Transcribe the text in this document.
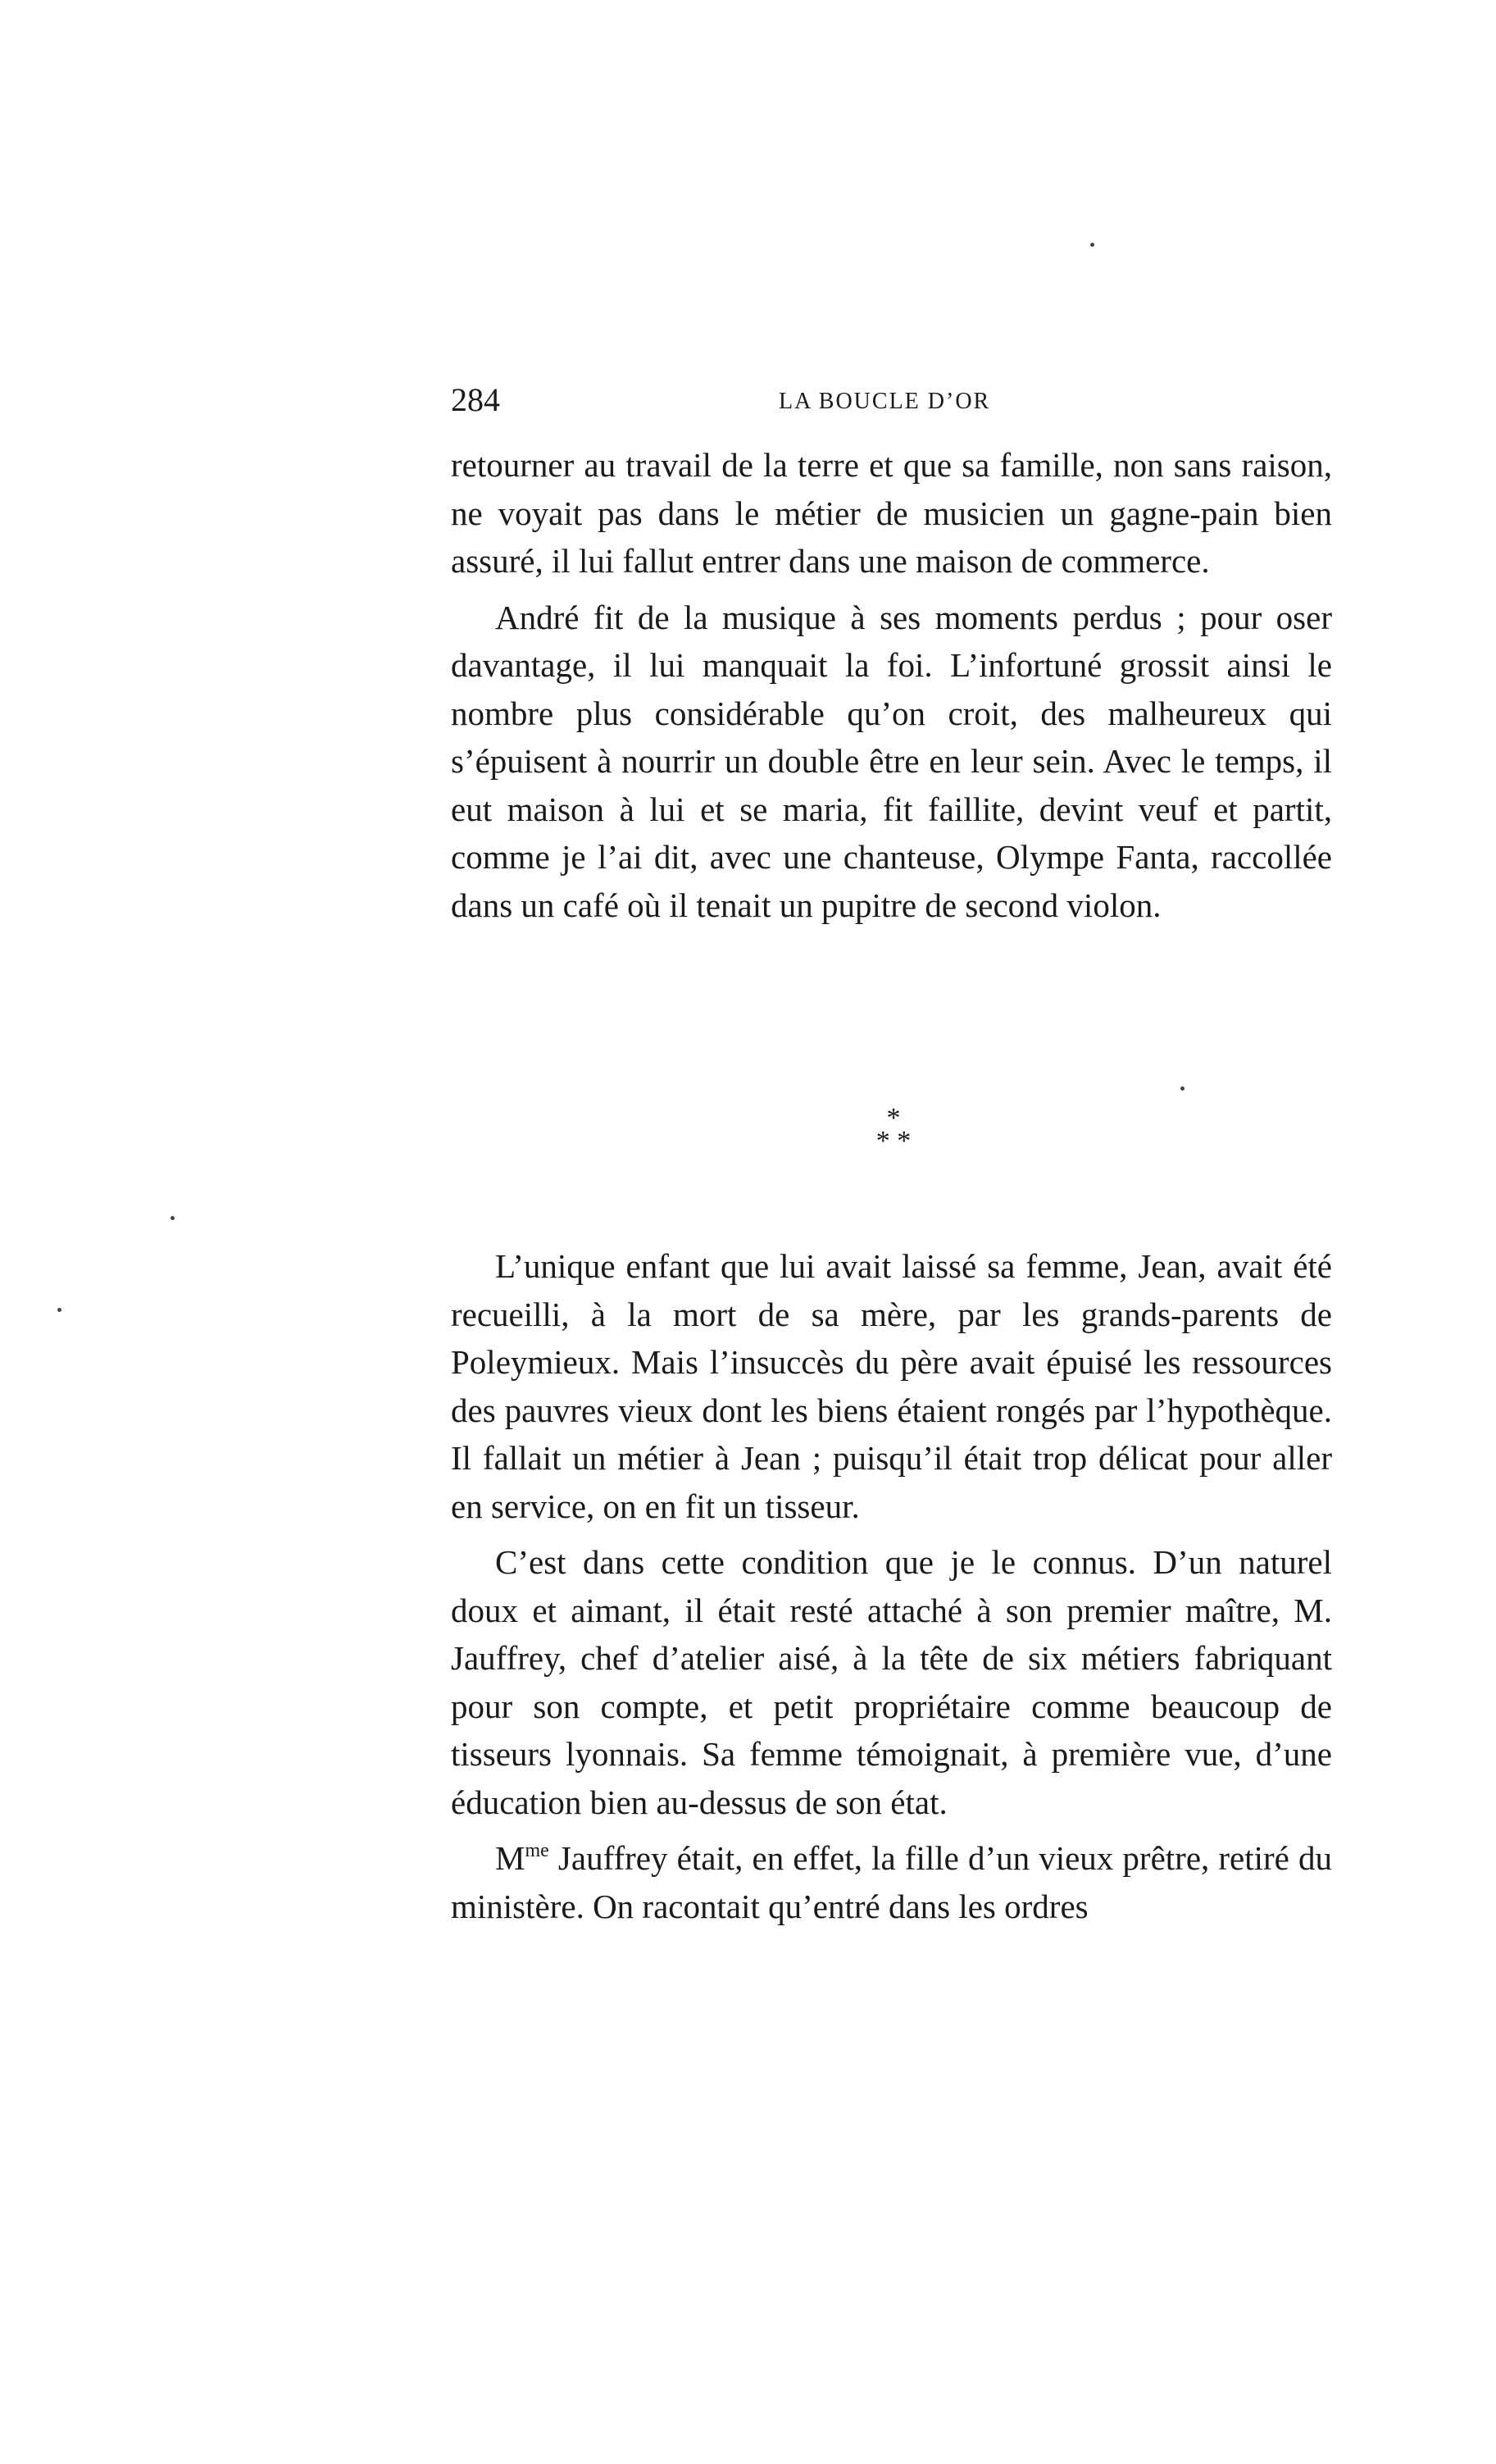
284	LA BOUCLE D’OR

retourner au travail de la terre et que sa famille, non sans raison, ne voyait pas dans le métier de musicien un gagne-pain bien assuré, il lui fallut entrer dans une maison de commerce.

André fit de la musique à ses moments perdus ; pour oser davantage, il lui manquait la foi. L’infortuné grossit ainsi le nombre plus considérable qu’on croit, des malheureux qui s’épuisent à nourrir un double être en leur sein. Avec le temps, il eut maison à lui et se maria, fit faillite, devint veuf et partit, comme je l’ai dit, avec une chanteuse, Olympe Fanta, raccollée dans un café où il tenait un pupitre de second violon.

*
* *

L’unique enfant que lui avait laissé sa femme, Jean, avait été recueilli, à la mort de sa mère, par les grands-parents de Poleymieux. Mais l’insuccès du père avait épuisé les ressources des pauvres vieux dont les biens étaient rongés par l’hypothèque. Il fallait un métier à Jean ; puisqu’il était trop délicat pour aller en service, on en fit un tisseur.

C’est dans cette condition que je le connus. D’un naturel doux et aimant, il était resté attaché à son premier maître, M. Jauffrey, chef d’atelier aisé, à la tête de six métiers fabriquant pour son compte, et petit propriétaire comme beaucoup de tisseurs lyonnais. Sa femme témoignait, à première vue, d’une éducation bien au-dessus de son état.

$M^{me}$ Jauffrey était, en effet, la fille d’un vieux prêtre, retiré du ministère. On racontait qu’entré dans les ordres
